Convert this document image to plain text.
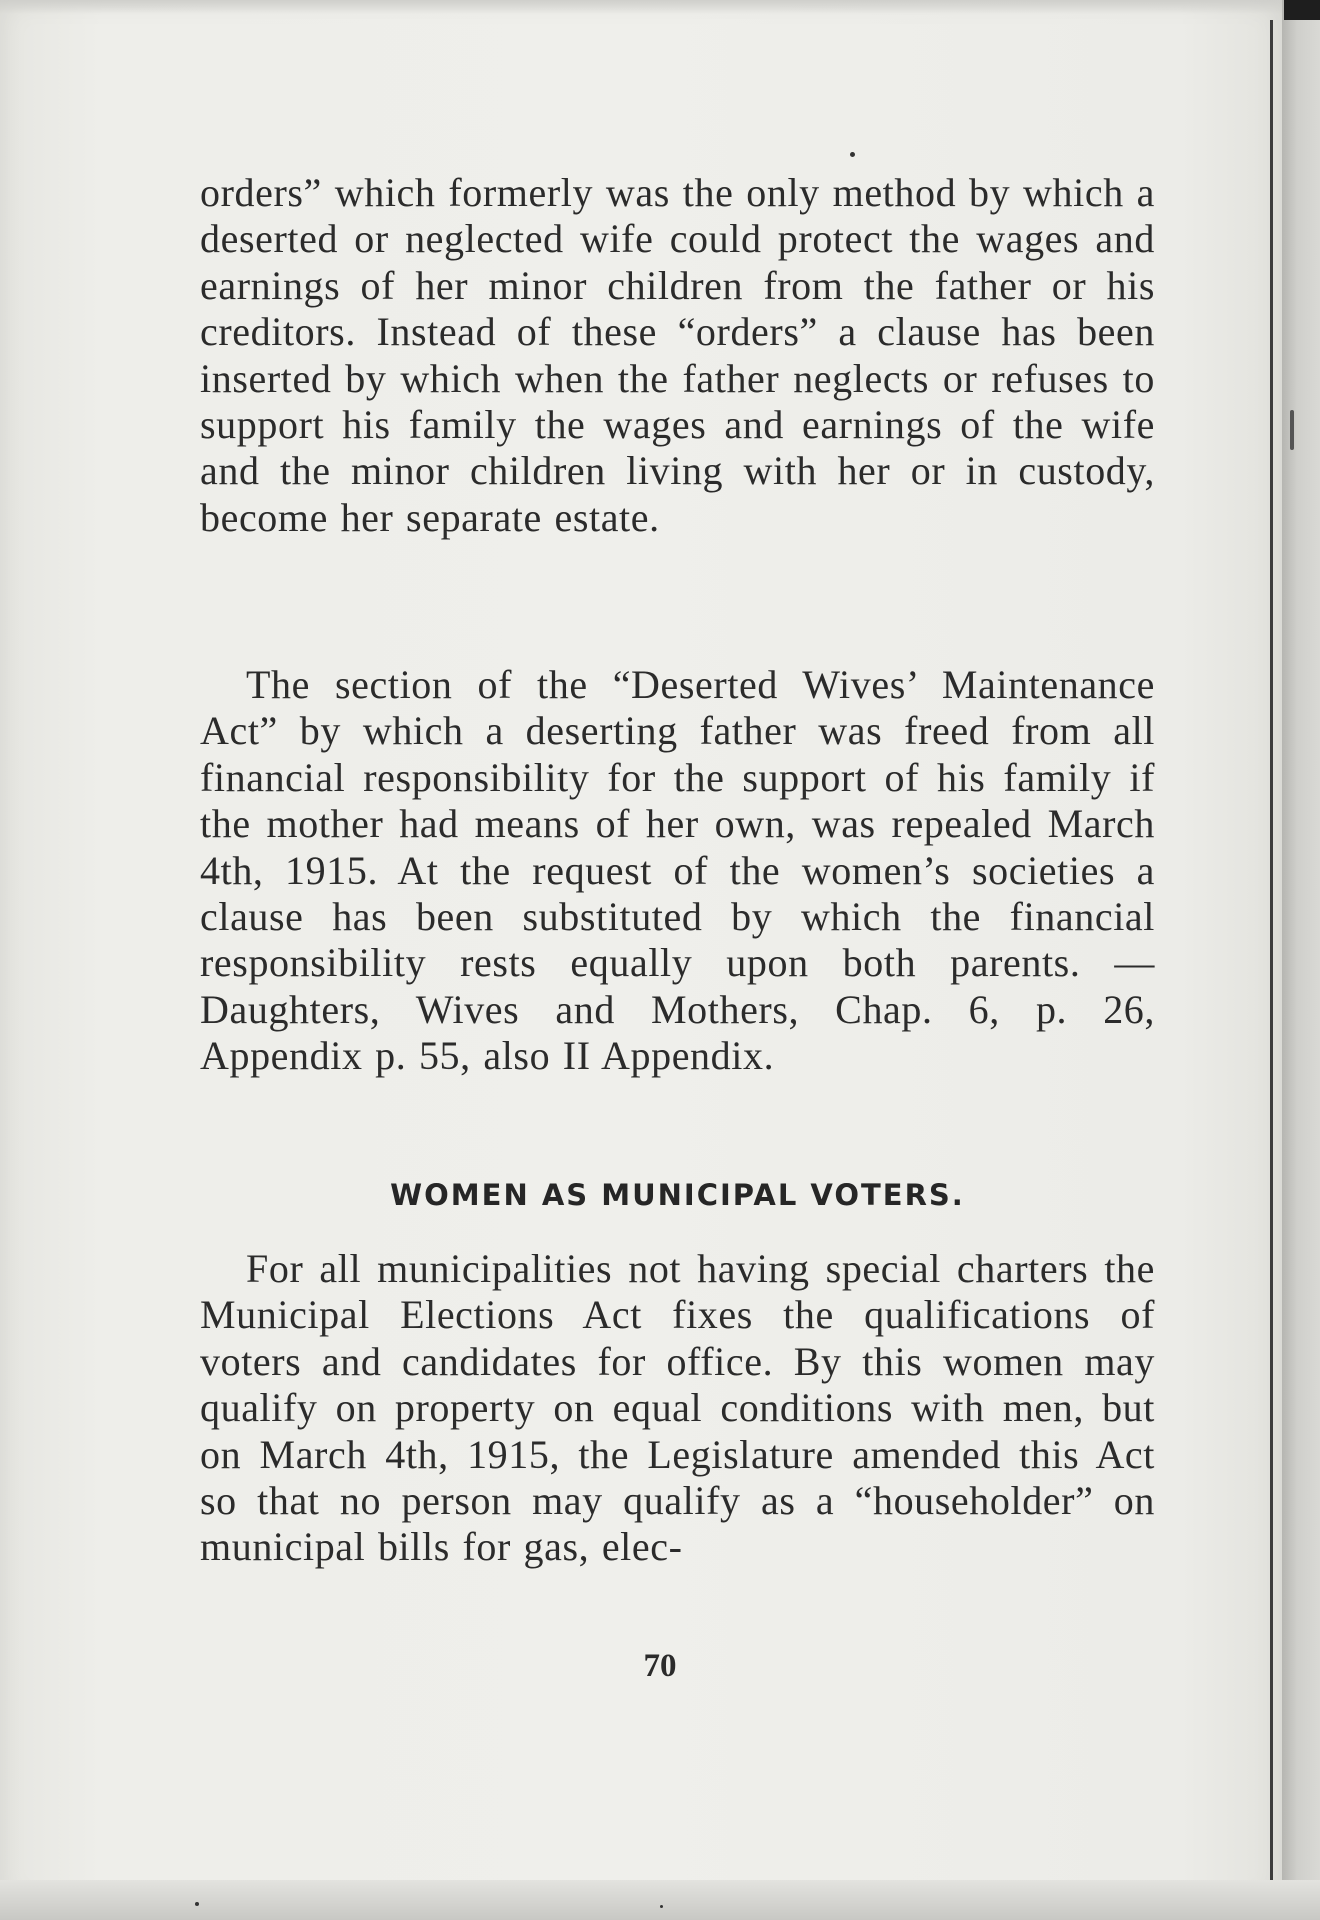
orders” which formerly was the only method by which a deserted or neglected wife could protect the wages and earnings of her minor children from the father or his creditors. Instead of these “orders” a clause has been inserted by which when the father neglects or refuses to support his family the wages and earnings of the wife and the minor children living with her or in custody, become her separate estate.
The section of the “Deserted Wives’ Maintenance Act” by which a deserting father was freed from all financial responsibility for the support of his family if the mother had means of her own, was repealed March 4th, 1915. At the request of the women’s societies a clause has been substituted by which the financial responsibility rests equally upon both parents. —Daughters, Wives and Mothers, Chap. 6, p. 26, Appendix p. 55, also II Appendix.
WOMEN AS MUNICIPAL VOTERS.
For all municipalities not having special charters the Municipal Elections Act fixes the qualifications of voters and candidates for office. By this women may qualify on property on equal conditions with men, but on March 4th, 1915, the Legislature amended this Act so that no person may qualify as a “householder” on municipal bills for gas, elec-
70
